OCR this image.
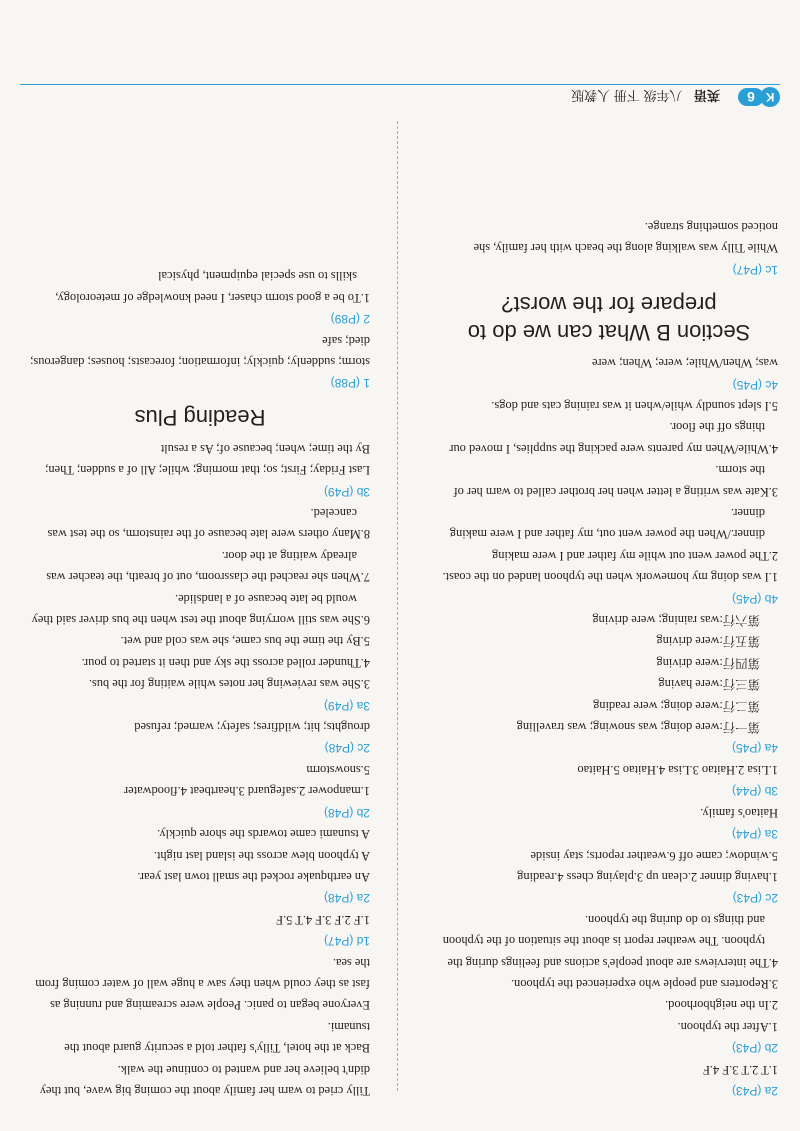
K
6
英语 八年级 下册 人教版
2a (P43)
1.T 2.T 3.F 4.F
2b (P43)
1.After the typhoon.
2.In the neighborhood.
3.Reporters and people who experienced the typhoon.
4.The interviews are about people's actions and feelings during the typhoon. The weather report is about the situation of the typhoon and things to do during the typhoon.
2c (P43)
1.having dinner 2.clean up 3.playing chess 4.reading
5.window; came off 6.weather reports; stay inside
3a (P44)
Haitao's family.
3b (P44)
1.Lisa 2.Haitao 3.Lisa 4.Haitao 5.Haitao
4a (P45)
第一行:were doing; was snowing; was travelling
第二行:were doing; were reading
第三行:were having
第四行:were driving
第五行:were driving
第六行:was raining; were driving
4b (P45)
1.I was doing my homework when the typhoon landed on the coast.
2.The power went out while my father and I were making dinner./When the power went out, my father and I were making dinner.
3.Kate was writing a letter when her brother called to warn her of the storm.
4.While/When my parents were packing the supplies, I moved our things off the floor.
5.I slept soundly while/when it was raining cats and dogs.
4c (P45)
was; When/While; were; When; were
Section B What can we do to prepare for the worst?
1c (P47)
While Tilly was walking along the beach with her family, she noticed something strange.
Tilly cried to warn her family about the coming big wave, but they didn't believe her and wanted to continue the walk.
Back at the hotel, Tilly's father told a security guard about the tsunami.
Everyone began to panic. People were screaming and running as fast as they could when they saw a huge wall of water coming from the sea.
1d (P47)
1.F 2.F 3.F 4.T 5.F
2a (P48)
An earthquake rocked the small town last year.
A typhoon blew across the island last night.
A tsunami came towards the shore quickly.
2b (P48)
1.manpower 2.safeguard 3.heartbeat 4.floodwater
5.snowstorm
2c (P48)
droughts; hit; wildfires; safety; warned; refused
3a (P49)
3.She was reviewing her notes while waiting for the bus.
4.Thunder rolled across the sky and then it started to pour.
5.By the time the bus came, she was cold and wet.
6.She was still worrying about the test when the bus driver said they would be late because of a landslide.
7.When she reached the classroom, out of breath, the teacher was already waiting at the door.
8.Many others were late because of the rainstorm, so the test was canceled.
3b (P49)
Last Friday; First; so; that morning; while; All of a sudden; Then; By the time; when; because of; As a result
Reading Plus
1 (P88)
storm; suddenly; quickly; information; forecasts; houses; dangerous; died; safe
2 (P89)
1.To be a good storm chaser, I need knowledge of meteorology, skills to use special equipment, physical
